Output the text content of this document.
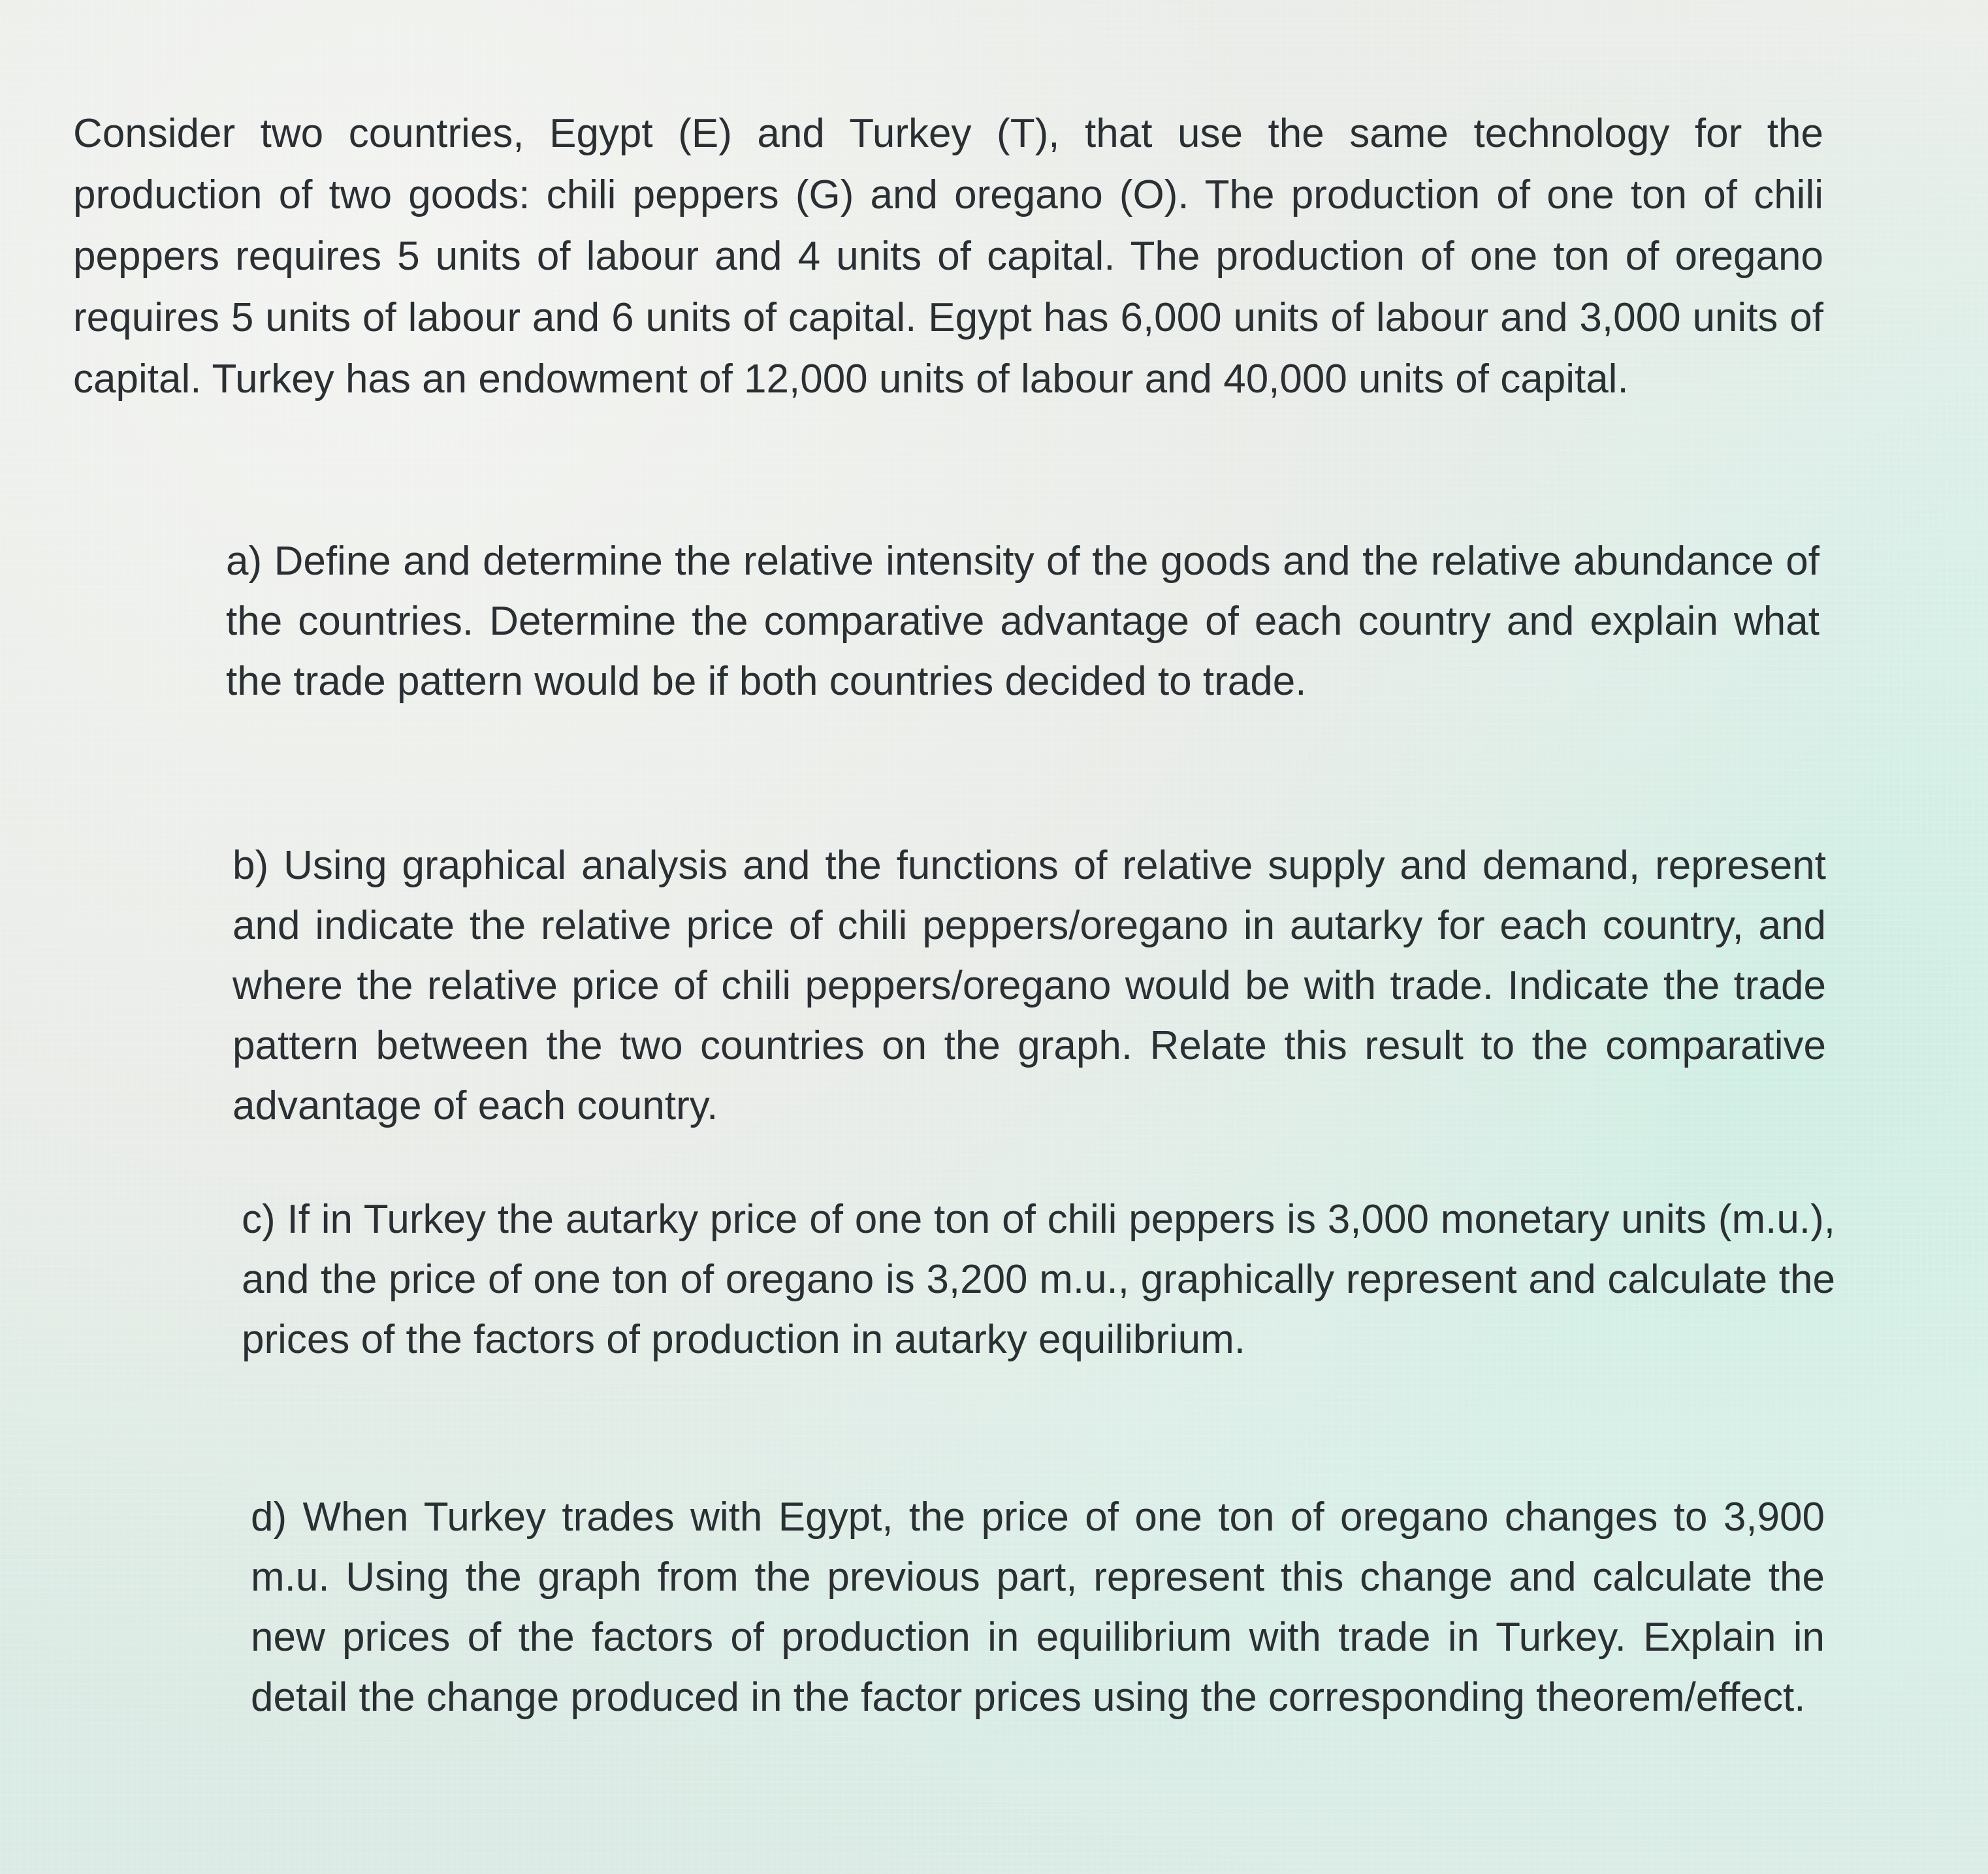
Consider two countries, Egypt (E) and Turkey (T), that use the same technology for the production of two goods: chili peppers (G) and oregano (O). The production of one ton of chili peppers requires 5 units of labour and 4 units of capital. The production of one ton of oregano requires 5 units of labour and 6 units of capital. Egypt has 6,000 units of labour and 3,000 units of capital. Turkey has an endowment of 12,000 units of labour and 40,000 units of capital.

a) Define and determine the relative intensity of the goods and the relative abundance of the countries. Determine the comparative advantage of each country and explain what the trade pattern would be if both countries decided to trade.

b) Using graphical analysis and the functions of relative supply and demand, represent and indicate the relative price of chili peppers/oregano in autarky for each country, and where the relative price of chili peppers/oregano would be with trade. Indicate the trade pattern between the two countries on the graph. Relate this result to the comparative advantage of each country.

c) If in Turkey the autarky price of one ton of chili peppers is 3,000 monetary units (m.u.), and the price of one ton of oregano is 3,200 m.u., graphically represent and calculate the prices of the factors of production in autarky equilibrium.

d) When Turkey trades with Egypt, the price of one ton of oregano changes to 3,900 m.u. Using the graph from the previous part, represent this change and calculate the new prices of the factors of production in equilibrium with trade in Turkey. Explain in detail the change produced in the factor prices using the corresponding theorem/effect.
